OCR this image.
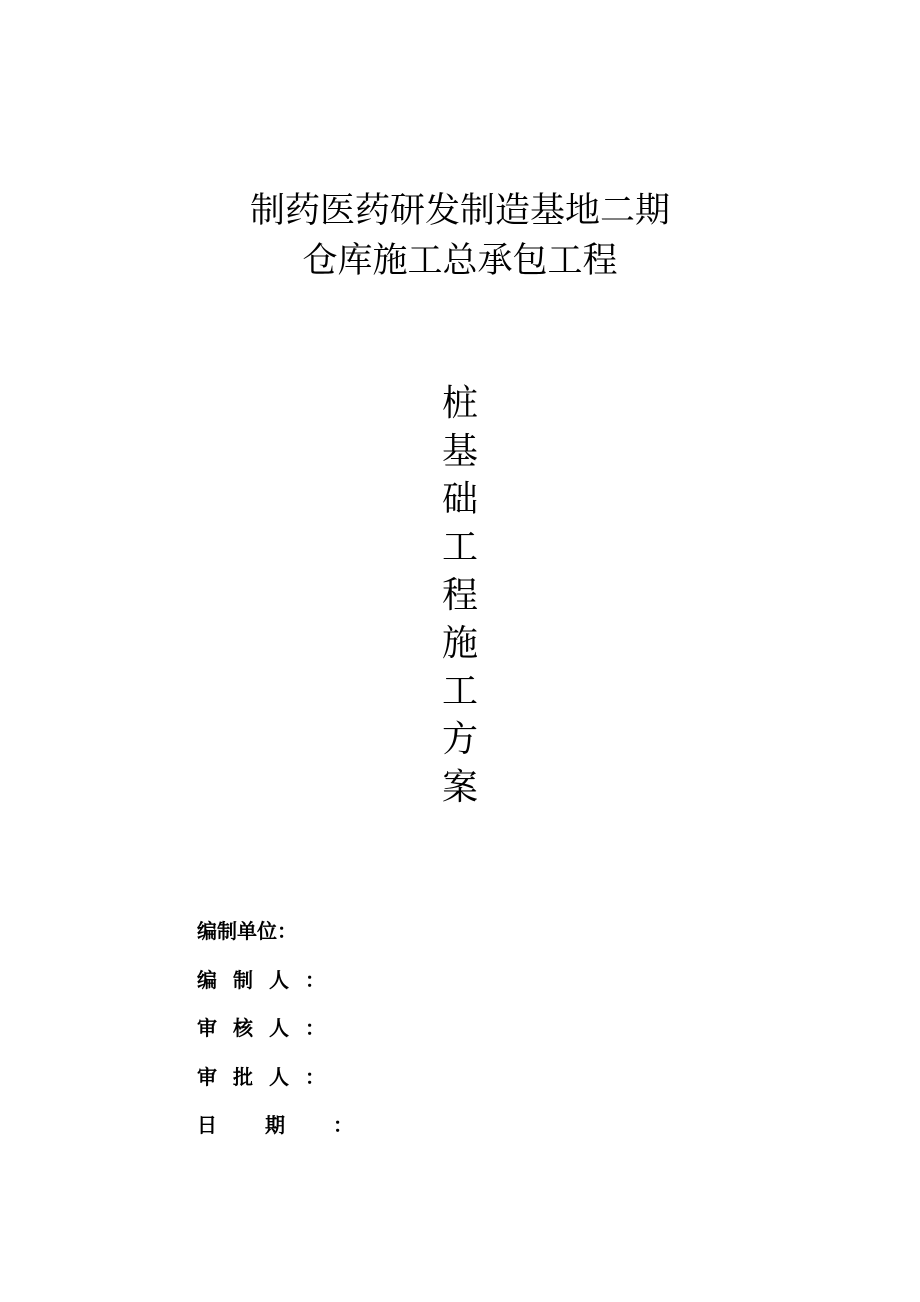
制药医药研发制造基地二期
仓库施工总承包工程
桩
基
础
工
程
施
工
方
案
编制单位：
编制人：
审核人：
审批人：
日期：
